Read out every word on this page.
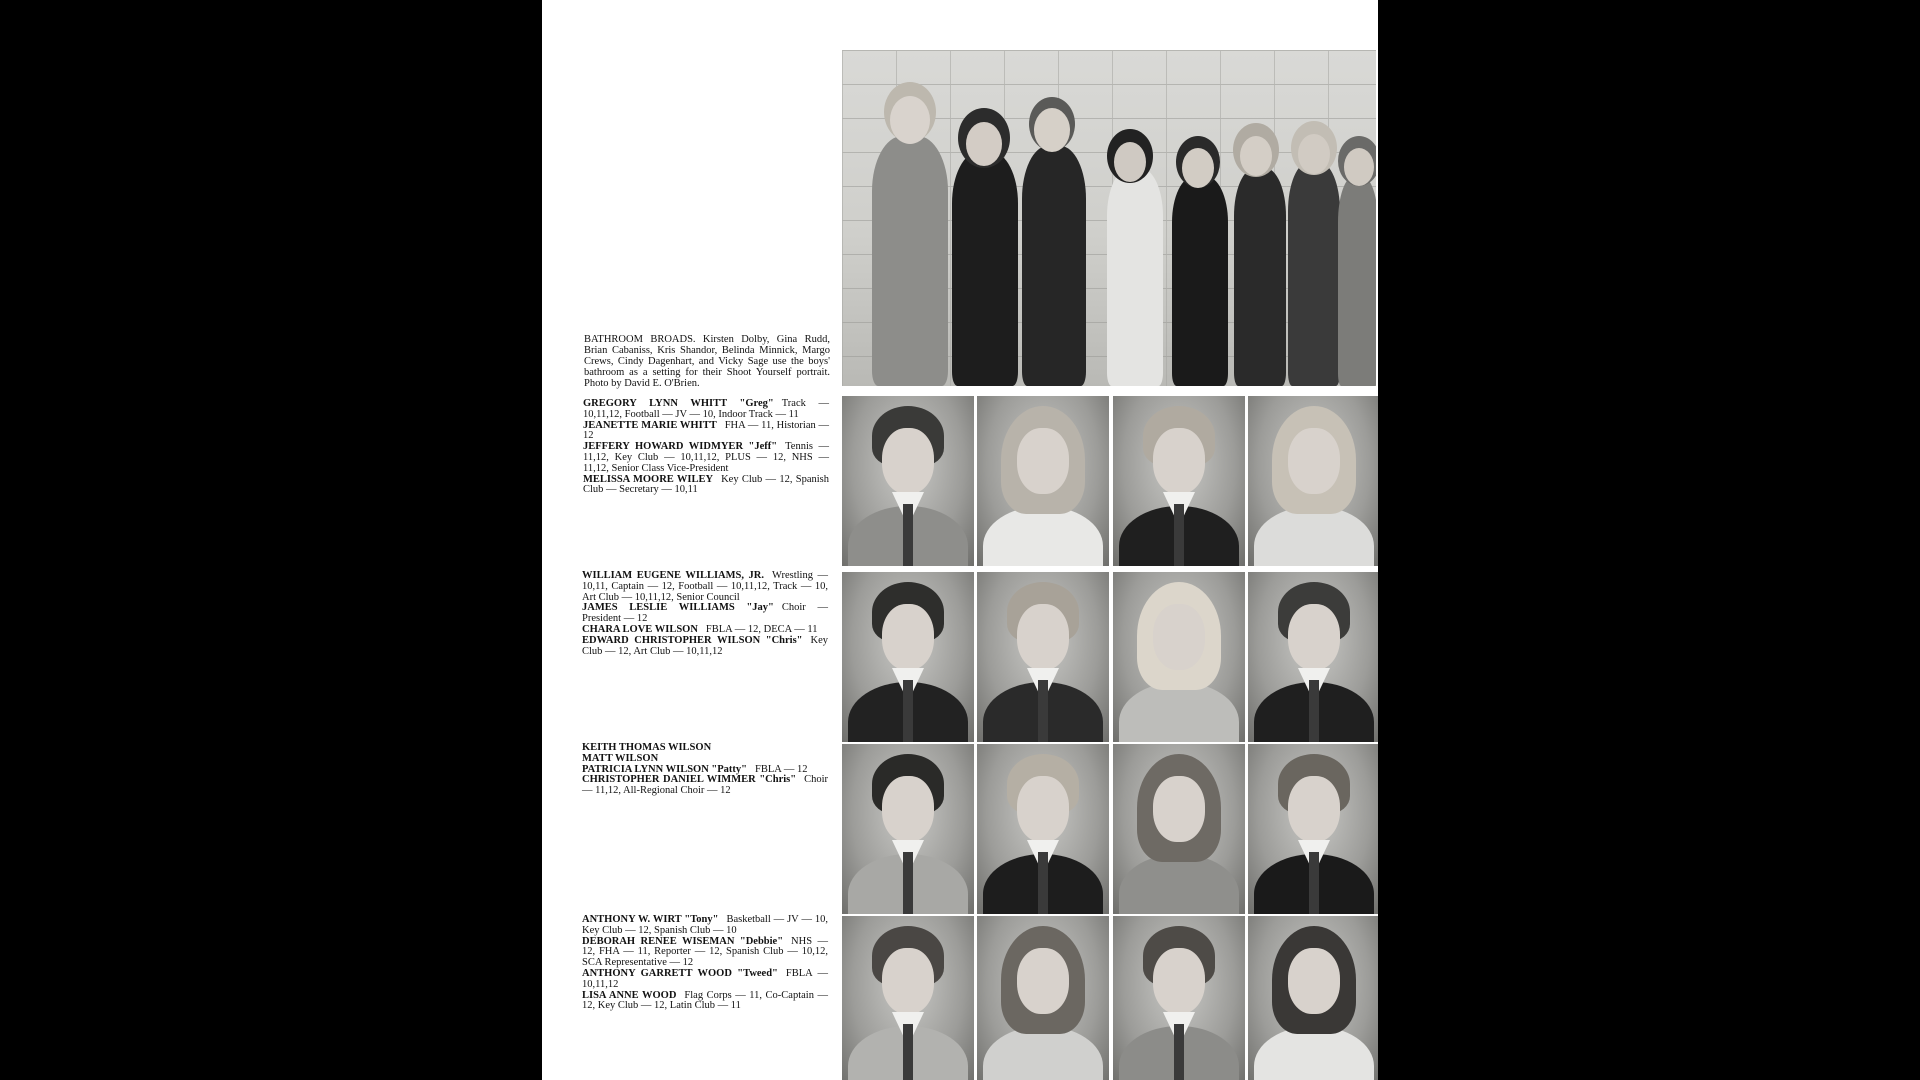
BATHROOM BROADS. Kirsten Dolby, Gina Rudd, Brian Cabaniss, Kris Shandor, Belinda Minnick, Margo Crews, Cindy Dagenhart, and Vicky Sage use the boys' bathroom as a setting for their Shoot Yourself portrait. Photo by David E. O'Brien.

GREGORY LYNN WHITT "Greg" Track — 10,11,12, Football — JV — 10, Indoor Track — 11

JEANETTE MARIE WHITT FHA — 11, Historian — 12

JEFFERY HOWARD WIDMYER "Jeff" Tennis — 11,12, Key Club — 10,11,12, PLUS — 12, NHS — 11,12, Senior Class Vice-President

MELISSA MOORE WILEY Key Club — 12, Spanish Club — Secretary — 10,11

WILLIAM EUGENE WILLIAMS, JR. Wrestling — 10,11, Captain — 12, Football — 10,11,12, Track — 10, Art Club — 10,11,12, Senior Council

JAMES LESLIE WILLIAMS "Jay" Choir — President — 12

CHARA LOVE WILSON FBLA — 12, DECA — 11

EDWARD CHRISTOPHER WILSON "Chris" Key Club — 12, Art Club — 10,11,12

KEITH THOMAS WILSON

MATT WILSON

PATRICIA LYNN WILSON "Patty" FBLA — 12

CHRISTOPHER DANIEL WIMMER "Chris" Choir — 11,12, All-Regional Choir — 12

ANTHONY W. WIRT "Tony" Basketball — JV — 10, Key Club — 12, Spanish Club — 10

DEBORAH RENEE WISEMAN "Debbie" NHS — 12, FHA — 11, Reporter — 12, Spanish Club — 10,12, SCA Representative — 12

ANTHONY GARRETT WOOD "Tweed" FBLA — 10,11,12

LISA ANNE WOOD Flag Corps — 11, Co-Captain — 12, Key Club — 12, Latin Club — 11
